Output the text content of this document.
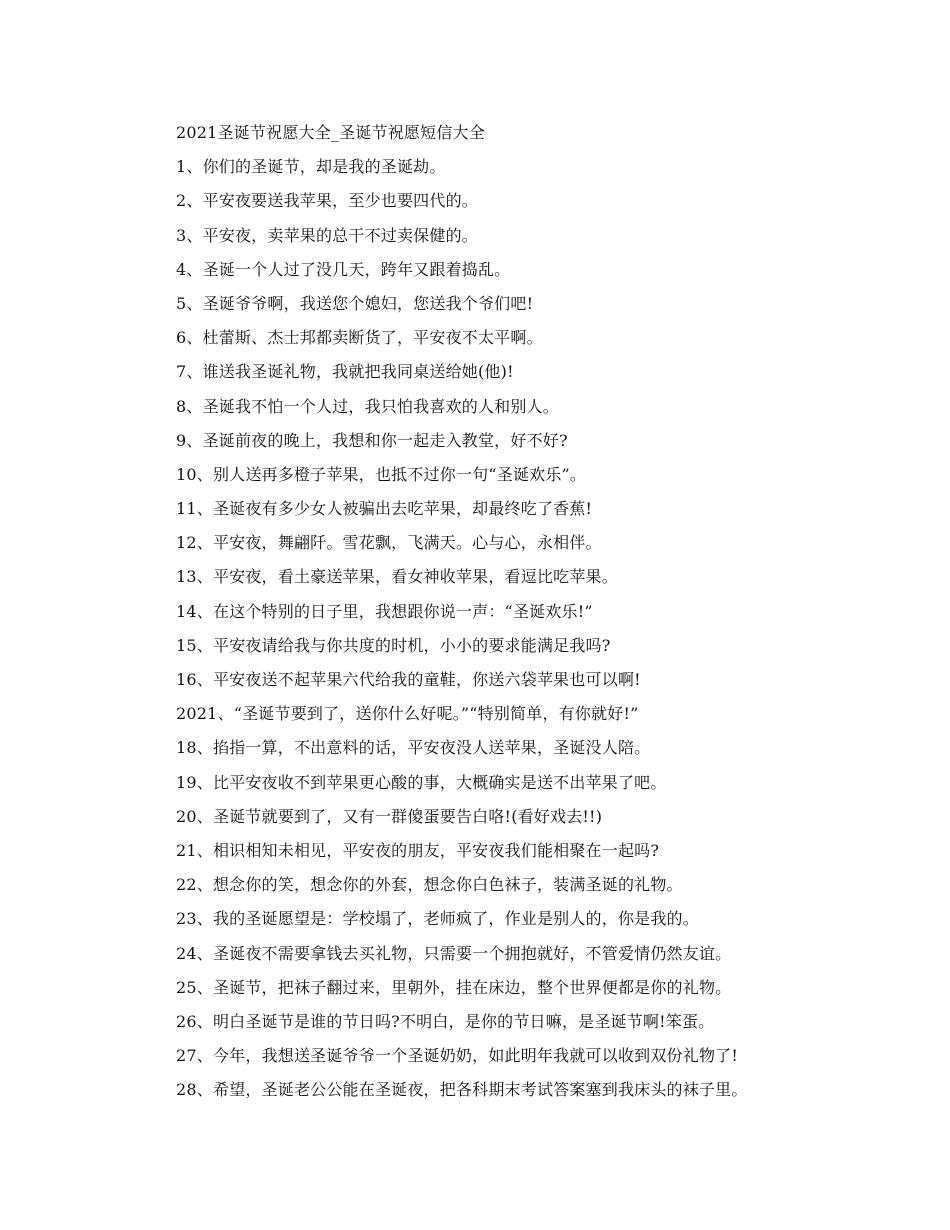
2021圣诞节祝愿大全_圣诞节祝愿短信大全
1、你们的圣诞节，却是我的圣诞劫。
2、平安夜要送我苹果，至少也要四代的。
3、平安夜，卖苹果的总干不过卖保健的。
4、圣诞一个人过了没几天，跨年又跟着捣乱。
5、圣诞爷爷啊，我送您个媳妇，您送我个爷们吧!
6、杜蕾斯、杰士邦都卖断货了，平安夜不太平啊。
7、谁送我圣诞礼物，我就把我同桌送给她(他)!
8、圣诞我不怕一个人过，我只怕我喜欢的人和别人。
9、圣诞前夜的晚上，我想和你一起走入教堂，好不好?
10、别人送再多橙子苹果，也抵不过你一句“圣诞欢乐”。
11、圣诞夜有多少女人被骗出去吃苹果，却最终吃了香蕉!
12、平安夜，舞翩阡。雪花飘，飞满天。心与心，永相伴。
13、平安夜，看土豪送苹果，看女神收苹果，看逗比吃苹果。
14、在这个特别的日子里，我想跟你说一声：“圣诞欢乐!”
15、平安夜请给我与你共度的时机，小小的要求能满足我吗?
16、平安夜送不起苹果六代给我的童鞋，你送六袋苹果也可以啊!
2021、“圣诞节要到了，送你什么好呢。”“特别简单，有你就好!”
18、掐指一算，不出意料的话，平安夜没人送苹果，圣诞没人陪。
19、比平安夜收不到苹果更心酸的事，大概确实是送不出苹果了吧。
20、圣诞节就要到了，又有一群傻蛋要告白咯!(看好戏去!!)
21、相识相知未相见，平安夜的朋友，平安夜我们能相聚在一起吗?
22、想念你的笑，想念你的外套，想念你白色袜子，装满圣诞的礼物。
23、我的圣诞愿望是：学校塌了，老师疯了，作业是别人的，你是我的。
24、圣诞夜不需要拿钱去买礼物，只需要一个拥抱就好，不管爱情仍然友谊。
25、圣诞节，把袜子翻过来，里朝外，挂在床边，整个世界便都是你的礼物。
26、明白圣诞节是谁的节日吗?不明白，是你的节日嘛，是圣诞节啊!笨蛋。
27、今年，我想送圣诞爷爷一个圣诞奶奶，如此明年我就可以收到双份礼物了!
28、希望，圣诞老公公能在圣诞夜，把各科期末考试答案塞到我床头的袜子里。
